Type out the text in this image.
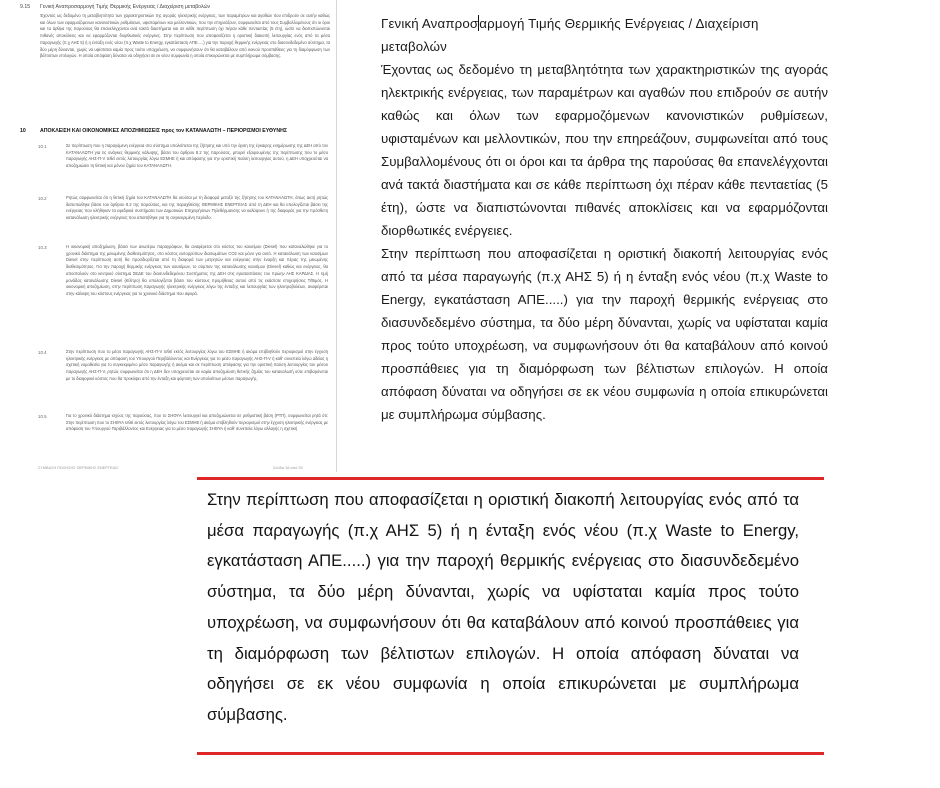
9.15 Γενική Αναπροσαρμογή Τιμής Θερμικής Ενέργειας / Διαχείριση μεταβολών
Έχοντας ως δεδομένο τη μεταβλητότητα των χαρακτηριστικών της αγοράς ηλεκτρικής ενέργειας, των παραμέτρων και αγαθών που επιδρούν σε αυτήν καθώς και όλων των εφαρμοζόμενων κανονιστικών ρυθμίσεων, υφισταμένων και μελλοντικών, που την επηρεάζουν, συμφωνείται από τους Συμβαλλομένους ότι οι όροι και τα άρθρα της παρούσας θα επανελέγχονται ανά τακτά διαστήματα και σε κάθε περίπτωση όχι πέραν κάθε πενταετίας (5 έτη), ώστε να διαπιστώνονται πιθανές αποκλίσεις και να εφαρμόζονται διορθωτικές ενέργειες. Στην περίπτωση που αποφασίζεται η οριστική διακοπή λειτουργίας ενός από τα μέσα παραγωγής (π.χ ΑΗΣ 5) ή η ένταξη ενός νέου (π.χ Waste to Energy, εγκατάσταση ΑΠΕ.....) για την παροχή θερμικής ενέργειας στο διασυνδεδεμένο σύστημα, τα δύο μέρη δύνανται, χωρίς να υφίσταται καμία προς τούτο υποχρέωση, να συμφωνήσουν ότι θα καταβάλουν από κοινού προσπάθειες για τη διαμόρφωση των βέλτιστων επιλογών. Η οποία απόφαση δύναται να οδηγήσει σε εκ νέου συμφωνία η οποία επικυρώνεται με συμπλήρωμα σύμβασης.
10	ΑΠΟΚΛΕΙΣΗ ΚΑΙ ΟΙΚΟΝΟΜΙΚΕΣ ΑΠΟΖΗΜΙΩΣΕΙΣ προς τον ΚΑΤΑΝΑΛΩΤΗ – ΠΕΡΙΟΡΙΣΜΟΙ ΕΥΘΥΝΗΣ
10.1	Σε περίπτωση που η παραγόμενη ενέργεια στο σύστημα υπολείπεται της ζήτησης και υπό την άρση της έγκαιρης ενημέρωσης της ΔΕΗ από τον ΚΑΤΑΝΑΛΩΤΗ για τις ανάγκες θερμικής κάλυψης, βάσει του άρθρου 8.2 της παρούσας, μπορεί εξαιρουμένης της περίπτωσης που το μέσο παραγωγής ΑΗΣ-Π-V τεθεί εκτός λειτουργίας λόγω ΕΣΜΗΕ ή και απόφασης για την οριστική παύση λειτουργίας αυτού, η ΔΕΗ υποχρεούται να αποζημιώσει τη θετική και μόνον ζημία του ΚΑΤΑΝΑΛΩΤΗ.
10.2	Ρητώς συμφωνείται ότι η θετική ζημία του ΚΑΤΑΝΑΛΩΤΗ θα ισούται με τη διαφορά μεταξύ της ζήτησης του ΚΑΤΑΝΑΛΩΤΗ, όπως αυτή ρητώς διατυπώθηκε βάσει του άρθρου 8.2 της παρούσας, και της παραχθείσης ΘΕΡΜΙΚΗΣ ΕΝΕΡΓΕΙΑΣ από τη ΔΕΗ και θα υπολογίζεται βάσει της ενέργειας που κλήθηκαν τα εφεδρικά συστήματα των Δημοτικών Επιχειρήσεων Τηλεθέρμανσης να καλύψουν ή της διαφοράς για την πρόσθετη κατανάλωση ηλεκτρικής ενέργειας που απαιτήθηκε για τη συγκεκριμένη περίοδο.
10.3	Η οικονομική αποζημίωση, βάσει των ανωτέρω παραγράφων, θα αναφέρεται στο κόστος του καυσίμου (Diesel) που καταναλώθηκε για το χρονικό διάστημα της μειωμένης διαθεσιμότητας, στο κόστος αυτορρύπων διασωμάτων CO2 και μόνο για αυτό. Η κατανάλωση των καυσίμων Diesel στην περίπτωση αυτή θα προσδιορίζεται από τη διαφορά των μετρητών και ενέργειας στην έναρξη και πέρας της μειωμένης διαθεσιμότητας. Για την παροχή θερμικής ενέργειας των καυσίμων, το σύμπαν της κατανάλωσης καυσίμου (Diesel) καθώς και ενέργειας, θα αποσταλούν στο κεντρικό σύστημα ΣΕΔΕ του διασυνδεδεμένου Συστήματος της ΔΕΗ στις εγκαταστάσεις του πρώην ΑΗΣ ΚΑΡΔΙΑΣ. Η τιμή μονάδας κατανάλωσης Diesel (€/λίτρο) θα υπολογίζεται βάσει του κόστους προμήθειας αυτού από τις εκάστοτε επιχειρήσεις Τ/Βιμός. Η οικονομική αποζημίωση, στην περίπτωση παραγωγής ηλεκτρικής ενέργειας λόγω της ένταξης και λειτουργίας των ηλεκτροβολέων, αναφέρεται στην κάλυψη του κόστους ενέργειας για το χρονικό διάστημα που αφορά.
10.4	Στην περίπτωση που το μέσο παραγωγής ΑΗΣ-Π-V τεθεί εκτός λειτουργίας λόγω του ΕΣΜΗΕ ή ακόμα επιβληθούν περιορισμοί στην έγχυση ηλεκτρικής ενέργειας με απόφαση του Υπουργού Περιβάλλοντος και Ενέργειας για το μέσο παραγωγής ΑΗΣ-Π-V ή καθ' συνεπεία λόγω αδείας η σχετική νομοθεσία για το συγκεκριμένο μέσο παραγωγής ή ακόμα και σε περίπτωση απόφασης για την οριστική παύση λειτουργίας του μέσου παραγωγής ΑΗΣ-Π-V, ρητώς συμφωνείται ότι η ΔΕΗ δεν υποχρεούται σε καμία αποζημίωση θετικής ζημίας του καταναλωτή ούτε επιβαρύνεται με το διαφορικό κόστος που θα προκύψει από την ένταξη και φόρτιση των υπολοίπων μέσων παραγωγής.
10.5	Για το χρονικό διάστημα ισχύος της παρούσας, που το ΣΗΘΥΑ λειτουργεί και αποζημιώνεται σε ρυθμιστική βάση (ΡΤΠ), συμφωνείται ρητά ότι: Στην περίπτωση που το ΣΗΘΥΑ τεθεί εκτός λειτουργίας λόγω του ΕΣΜΗΕ ή ακόμα επιβληθούν περιορισμοί στην έγχυση ηλεκτρικής ενέργειας με απόφαση του Υπουργού Περιβάλλοντος και Ενέργειας για το μέσο παραγωγής ΣΗΘΥΑ ή καθ' συνεπεία λόγω αλλαγής η σχετική
ΣΥΜΒΑΣΗ ΠΩΛΗΣΗΣ ΘΕΡΜΙΚΗΣ ΕΝΕΡΓΕΙΑΣ	Σελίδα 16 από 33
Γενική Αναπροσαρμογή Τιμής Θερμικής Ενέργειας / Διαχείριση μεταβολών
Έχοντας ως δεδομένο τη μεταβλητότητα των χαρακτηριστικών της αγοράς ηλεκτρικής ενέργειας, των παραμέτρων και αγαθών που επιδρούν σε αυτήν καθώς και όλων των εφαρμοζόμενων κανονιστικών ρυθμίσεων, υφισταμένων και μελλοντικών, που την επηρεάζουν, συμφωνείται από τους Συμβαλλομένους ότι οι όροι και τα άρθρα της παρούσας θα επανελέγχονται ανά τακτά διαστήματα και σε κάθε περίπτωση όχι πέραν κάθε πενταετίας (5 έτη), ώστε να διαπιστώνονται πιθανές αποκλίσεις και να εφαρμόζονται διορθωτικές ενέργειες.
Στην περίπτωση που αποφασίζεται η οριστική διακοπή λειτουργίας ενός από τα μέσα παραγωγής (π.χ ΑΗΣ 5) ή η ένταξη ενός νέου (π.χ Waste to Energy, εγκατάσταση ΑΠΕ.....) για την παροχή θερμικής ενέργειας στο διασυνδεδεμένο σύστημα, τα δύο μέρη δύνανται, χωρίς να υφίσταται καμία προς τούτο υποχρέωση, να συμφωνήσουν ότι θα καταβάλουν από κοινού προσπάθειες για τη διαμόρφωση των βέλτιστων επιλογών. Η οποία απόφαση δύναται να οδηγήσει σε εκ νέου συμφωνία η οποία επικυρώνεται με συμπλήρωμα σύμβασης.
Στην περίπτωση που αποφασίζεται η οριστική διακοπή λειτουργίας ενός από τα μέσα παραγωγής (π.χ ΑΗΣ 5) ή η ένταξη ενός νέου (π.χ Waste to Energy, εγκατάσταση ΑΠΕ.....) για την παροχή θερμικής ενέργειας στο διασυνδεδεμένο σύστημα, τα δύο μέρη δύνανται, χωρίς να υφίσταται καμία προς τούτο υποχρέωση, να συμφωνήσουν ότι θα καταβάλουν από κοινού προσπάθειες για τη διαμόρφωση των βέλτιστων επιλογών. Η οποία απόφαση δύναται να οδηγήσει σε εκ νέου συμφωνία η οποία επικυρώνεται με συμπλήρωμα σύμβασης.
